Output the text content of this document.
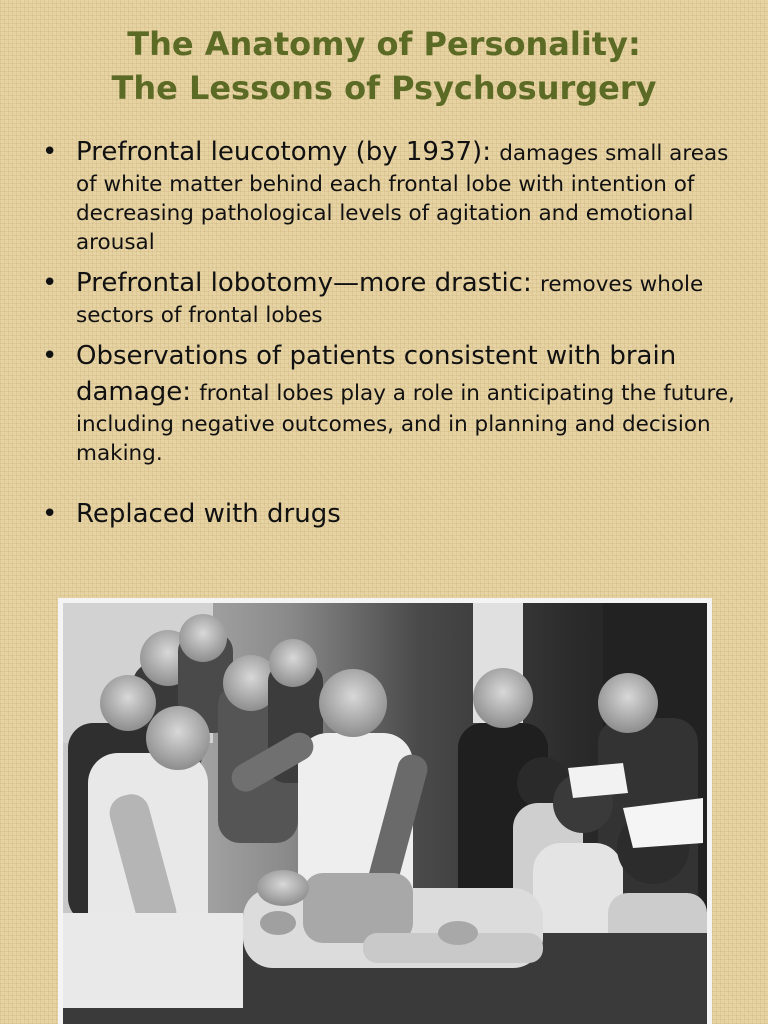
The Anatomy of Personality:
The Lessons of Psychosurgery
• Prefrontal leucotomy (by 1937): damages small areas of white matter behind each frontal lobe with intention of decreasing pathological levels of agitation and emotional arousal
• Prefrontal lobotomy—more drastic: removes whole sectors of frontal lobes
• Observations of patients consistent with brain damage: frontal lobes play a role in anticipating the future, including negative outcomes, and in planning and decision making.
• Replaced with drugs
